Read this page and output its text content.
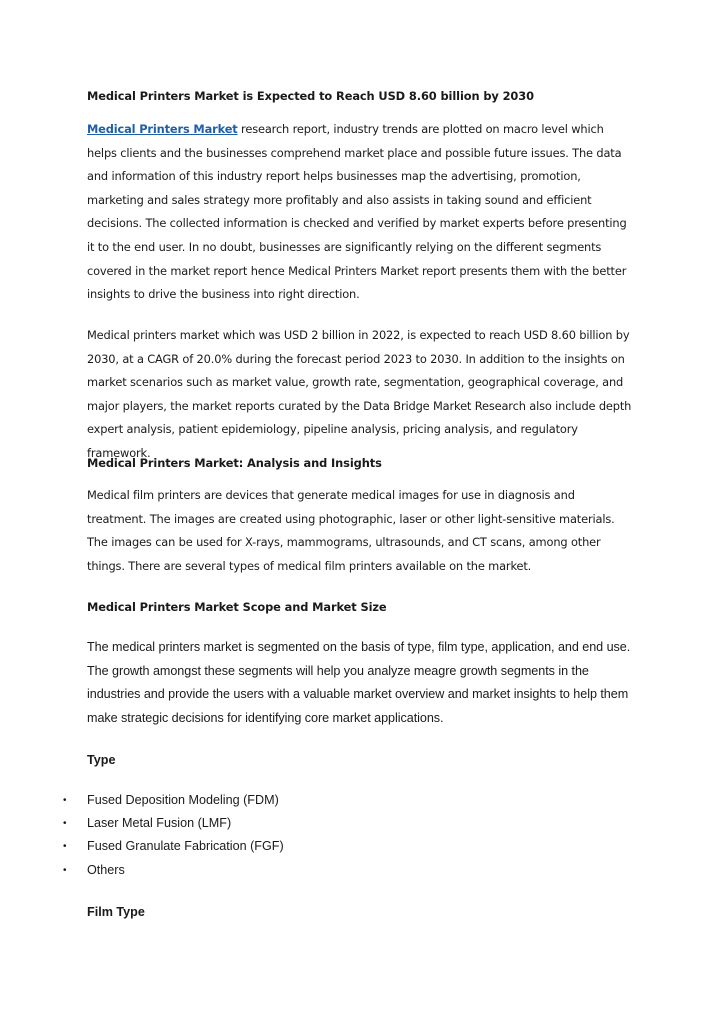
Medical Printers Market is Expected to Reach USD 8.60 billion by 2030

Medical Printers Market research report, industry trends are plotted on macro level which helps clients and the businesses comprehend market place and possible future issues. The data and information of this industry report helps businesses map the advertising, promotion, marketing and sales strategy more profitably and also assists in taking sound and efficient decisions. The collected information is checked and verified by market experts before presenting it to the end user. In no doubt, businesses are significantly relying on the different segments covered in the market report hence Medical Printers Market report presents them with the better insights to drive the business into right direction.

Medical printers market which was USD 2 billion in 2022, is expected to reach USD 8.60 billion by 2030, at a CAGR of 20.0% during the forecast period 2023 to 2030. In addition to the insights on market scenarios such as market value, growth rate, segmentation, geographical coverage, and major players, the market reports curated by the Data Bridge Market Research also include depth expert analysis, patient epidemiology, pipeline analysis, pricing analysis, and regulatory framework.

Medical Printers Market: Analysis and Insights

Medical film printers are devices that generate medical images for use in diagnosis and treatment. The images are created using photographic, laser or other light-sensitive materials. The images can be used for X-rays, mammograms, ultrasounds, and CT scans, among other things. There are several types of medical film printers available on the market.

Medical Printers Market Scope and Market Size

The medical printers market is segmented on the basis of type, film type, application, and end use. The growth amongst these segments will help you analyze meagre growth segments in the industries and provide the users with a valuable market overview and market insights to help them make strategic decisions for identifying core market applications.

Type
• Fused Deposition Modeling (FDM)
• Laser Metal Fusion (LMF)
• Fused Granulate Fabrication (FGF)
• Others
Film Type
